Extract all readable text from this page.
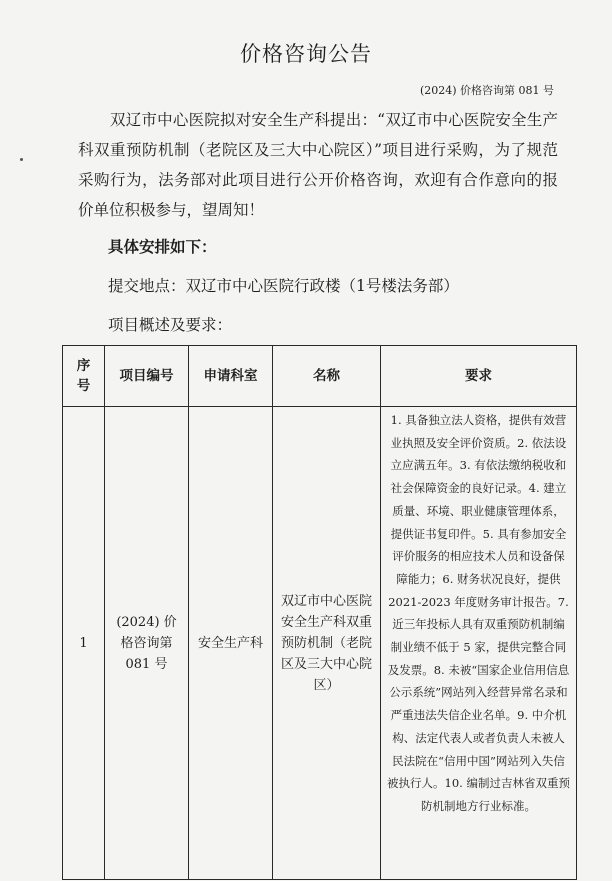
价格咨询公告
(2024) 价格咨询第 081 号
双辽市中心医院拟对安全生产科提出：“双辽市中心医院安全生产科双重预防机制（老院区及三大中心院区）”项目进行采购，为了规范采购行为，法务部对此项目进行公开价格咨询，欢迎有合作意向的报价单位积极参与，望周知！
具体安排如下：
提交地点：双辽市中心医院行政楼（1号楼法务部）
项目概述及要求：
序号	项目编号	申请科室	名称	要求
1	(2024) 价格咨询第 081 号	安全生产科	双辽市中心医院安全生产科双重预防机制（老院区及三大中心院区）	1. 具备独立法人资格，提供有效营业执照及安全评价资质。2. 依法设立应满五年。3. 有依法缴纳税收和社会保障资金的良好记录。4. 建立质量、环境、职业健康管理体系，提供证书复印件。5. 具有参加安全评价服务的相应技术人员和设备保障能力；6. 财务状况良好，提供 2021-2023 年度财务审计报告。7. 近三年投标人具有双重预防机制编制业绩不低于 5 家，提供完整合同及发票。8. 未被“国家企业信用信息公示系统”网站列入经营异常名录和严重违法失信企业名单。9. 中介机构、法定代表人或者负责人未被人民法院在“信用中国”网站列入失信被执行人。10. 编制过吉林省双重预防机制地方行业标准。
